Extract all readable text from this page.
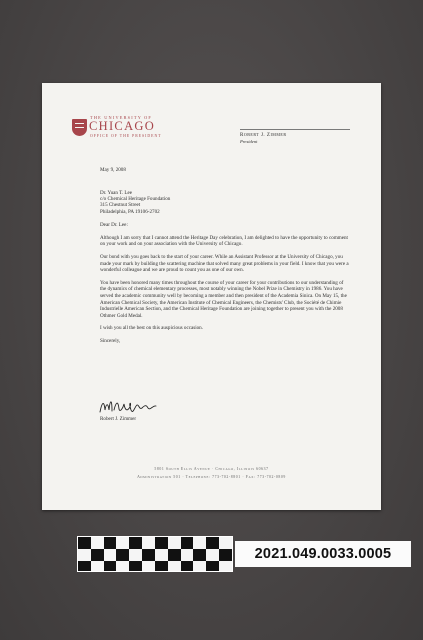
THE UNIVERSITY OF
CHICAGO
OFFICE OF THE PRESIDENT	Robert J. Zimmer
President
May 9, 2008
Dr. Yuan T. Lee
c/o Chemical Heritage Foundation
315 Chestnut Street
Philadelphia, PA 19106-2702
Dear Dr. Lee:
Although I am sorry that I cannot attend the Heritage Day celebration, I am delighted to have the opportunity to comment on your work and on your association with the University of Chicago.
Our bond with you goes back to the start of your career. While an Assistant Professor at the University of Chicago, you made your mark by building the scattering machine that solved many great problems in your field. I know that you were a wonderful colleague and we are proud to count you as one of our own.
You have been honored many times throughout the course of your career for your contributions to our understanding of the dynamics of chemical elementary processes, most notably winning the Nobel Prize in Chemistry in 1986. You have served the academic community well by becoming a member and then president of the Academia Sinica. On May 15, the American Chemical Society, the American Institute of Chemical Engineers, the Chemists' Club, the Société de Chimie Industrielle American Section, and the Chemical Heritage Foundation are joining together to present you with the 2008 Othmer Gold Medal.
I wish you all the best on this auspicious occasion.
Sincerely,
Robert J. Zimmer
5801 South Ellis Avenue · Chicago, Illinois 60637
Administration 501 · Telephone: 773-702-8801 · Fax: 773-702-0809
2021.049.0033.0005
